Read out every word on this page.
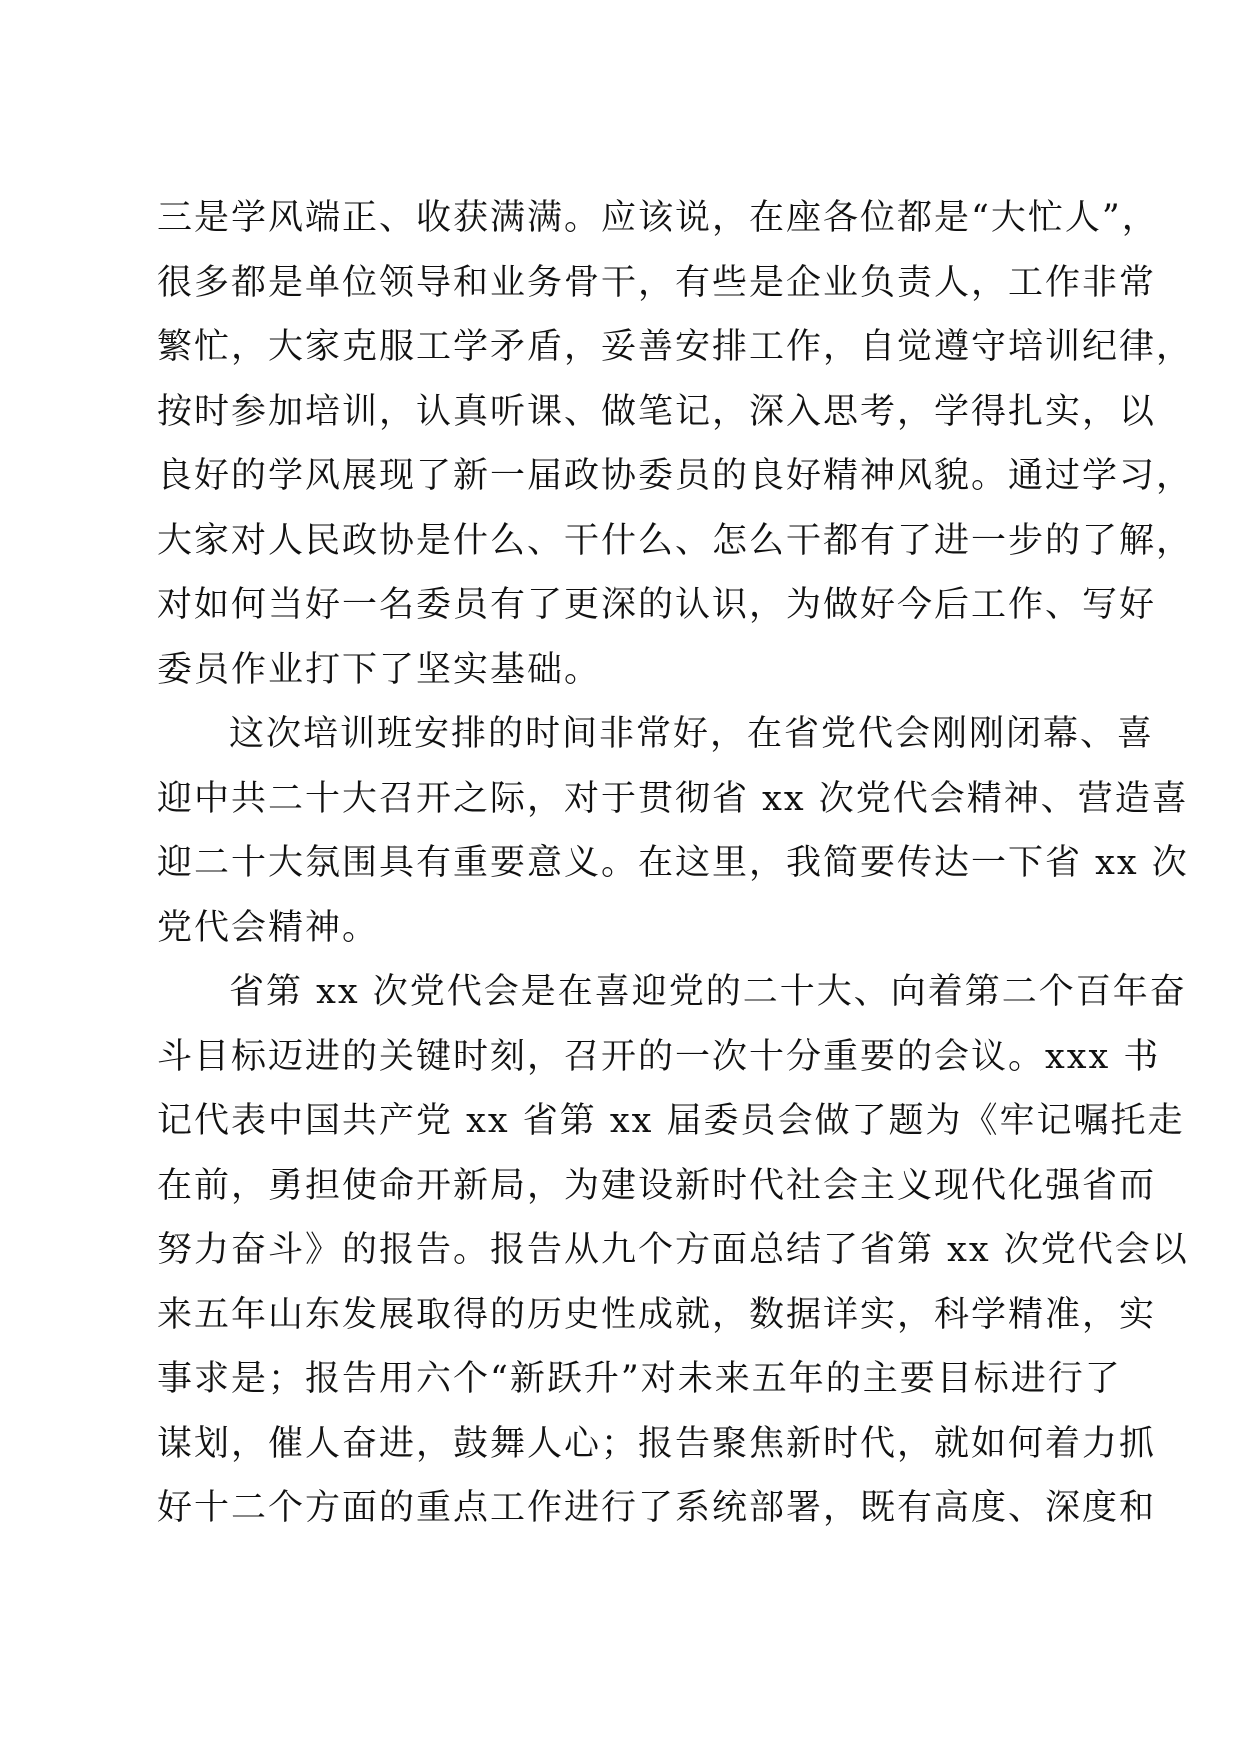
三是学风端正、收获满满。应该说，在座各位都是“大忙人”，
很多都是单位领导和业务骨干，有些是企业负责人，工作非常
繁忙，大家克服工学矛盾，妥善安排工作，自觉遵守培训纪律，
按时参加培训，认真听课、做笔记，深入思考，学得扎实，以
良好的学风展现了新一届政协委员的良好精神风貌。通过学习，
大家对人民政协是什么、干什么、怎么干都有了进一步的了解，
对如何当好一名委员有了更深的认识，为做好今后工作、写好
委员作业打下了坚实基础。
这次培训班安排的时间非常好，在省党代会刚刚闭幕、喜
迎中共二十大召开之际，对于贯彻省 xx 次党代会精神、营造喜
迎二十大氛围具有重要意义。在这里，我简要传达一下省 xx 次
党代会精神。
省第 xx 次党代会是在喜迎党的二十大、向着第二个百年奋
斗目标迈进的关键时刻，召开的一次十分重要的会议。xxx 书
记代表中国共产党 xx 省第 xx 届委员会做了题为《牢记嘱托走
在前，勇担使命开新局，为建设新时代社会主义现代化强省而
努力奋斗》的报告。报告从九个方面总结了省第 xx 次党代会以
来五年山东发展取得的历史性成就，数据详实，科学精准，实
事求是；报告用六个“新跃升”对未来五年的主要目标进行了
谋划，催人奋进，鼓舞人心；报告聚焦新时代，就如何着力抓
好十二个方面的重点工作进行了系统部署，既有高度、深度和
